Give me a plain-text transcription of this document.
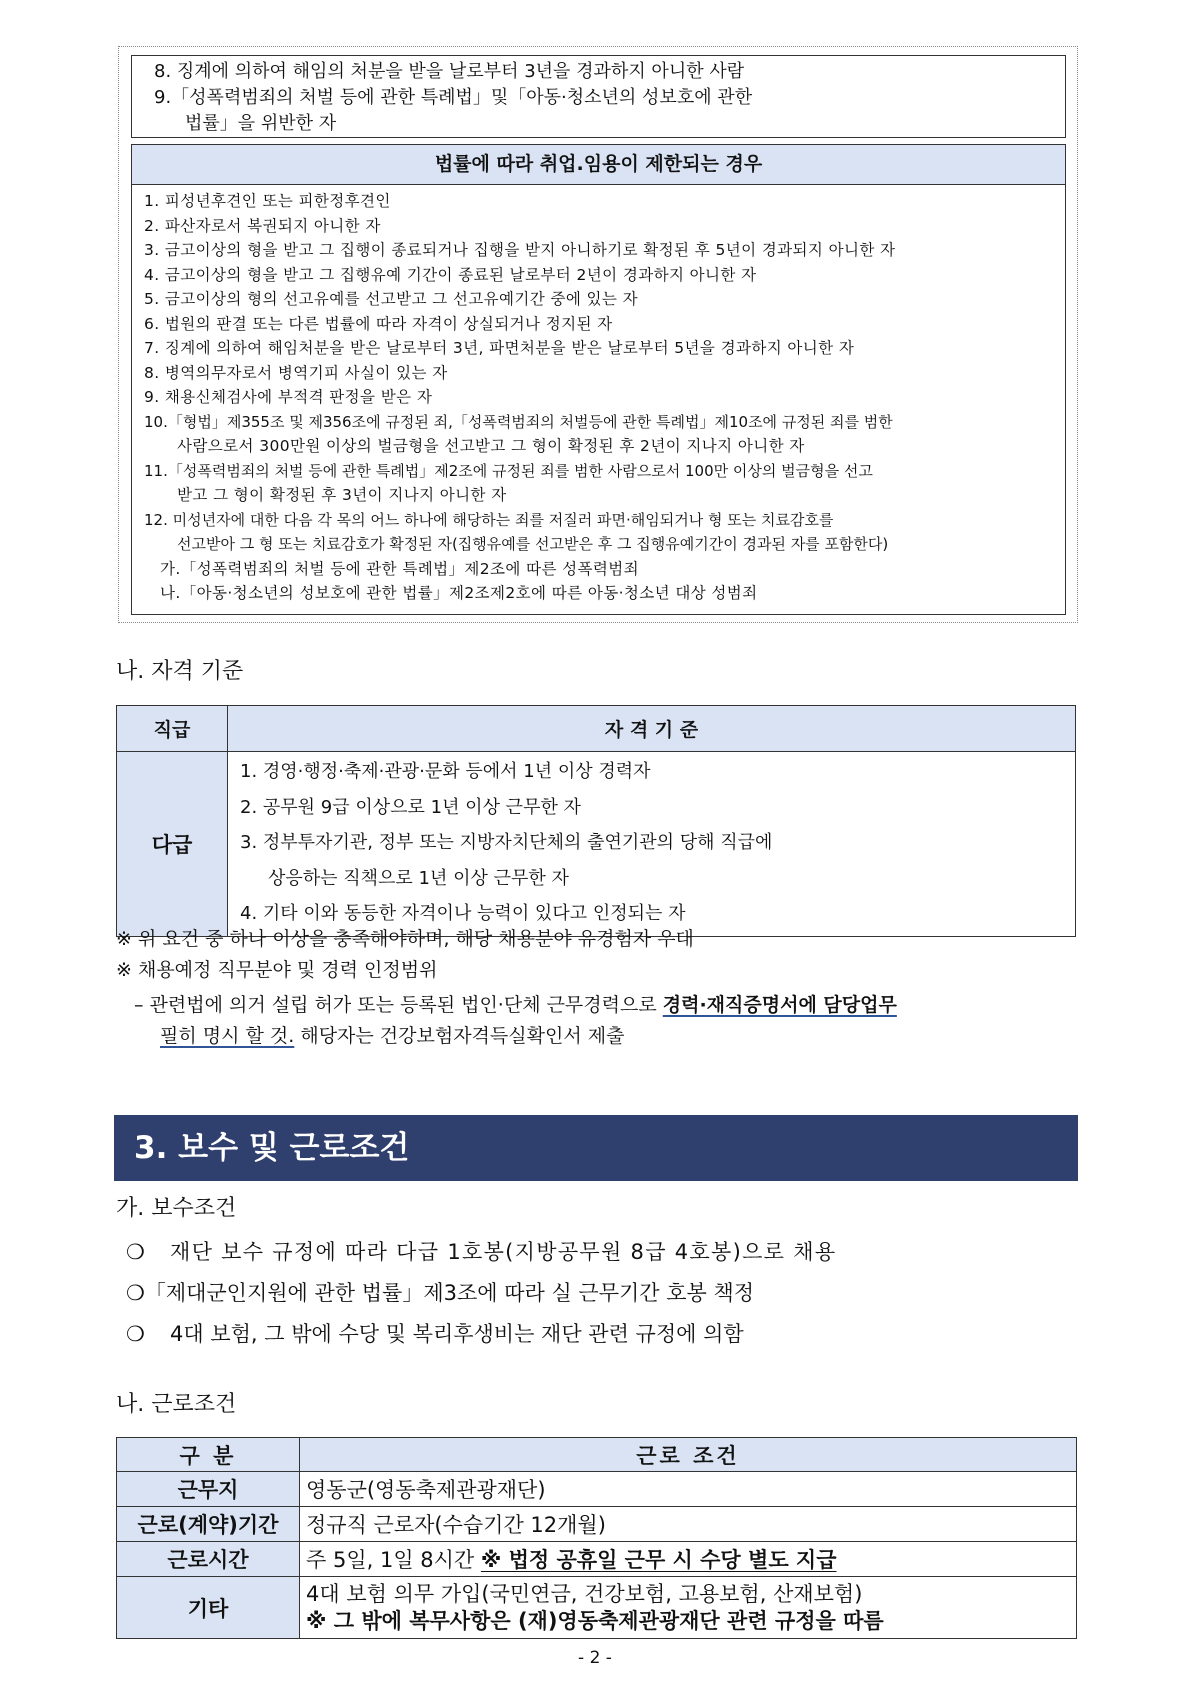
8. 징계에 의하여 해임의 처분을 받을 날로부터 3년을 경과하지 아니한 사람
9.「성폭력범죄의 처벌 등에 관한 특례법」및「아동·청소년의 성보호에 관한
법률」을 위반한 자
법률에 따라 취업.임용이 제한되는 경우
1. 피성년후견인 또는 피한정후견인
2. 파산자로서 복권되지 아니한 자
3. 금고이상의 형을 받고 그 집행이 종료되거나 집행을 받지 아니하기로 확정된 후 5년이 경과되지 아니한 자
4. 금고이상의 형을 받고 그 집행유예 기간이 종료된 날로부터 2년이 경과하지 아니한 자
5. 금고이상의 형의 선고유예를 선고받고 그 선고유예기간 중에 있는 자
6. 법원의 판결 또는 다른 법률에 따라 자격이 상실되거나 정지된 자
7. 징계에 의하여 해임처분을 받은 날로부터 3년, 파면처분을 받은 날로부터 5년을 경과하지 아니한 자
8. 병역의무자로서 병역기피 사실이 있는 자
9. 채용신체검사에 부적격 판정을 받은 자
10.「형법」제355조 및 제356조에 규정된 죄,「성폭력범죄의 처벌등에 관한 특례법」제10조에 규정된 죄를 범한
사람으로서 300만원 이상의 벌금형을 선고받고 그 형이 확정된 후 2년이 지나지 아니한 자
11.「성폭력범죄의 처벌 등에 관한 특례법」제2조에 규정된 죄를 범한 사람으로서 100만 이상의 벌금형을 선고
받고 그 형이 확정된 후 3년이 지나지 아니한 자
12. 미성년자에 대한 다음 각 목의 어느 하나에 해당하는 죄를 저질러 파면·해임되거나 형 또는 치료감호를
선고받아 그 형 또는 치료감호가 확정된 자(집행유예를 선고받은 후 그 집행유예기간이 경과된 자를 포함한다)
가.「성폭력범죄의 처벌 등에 관한 특례법」제2조에 따른 성폭력범죄
나.「아동·청소년의 성보호에 관한 법률」제2조제2호에 따른 아동·청소년 대상 성범죄
나. 자격 기준
직급	자 격 기 준
다급	1. 경영·행정·축제·관광·문화 등에서 1년 이상 경력자
2. 공무원 9급 이상으로 1년 이상 근무한 자
3. 정부투자기관, 정부 또는 지방자치단체의 출연기관의 당해 직급에
상응하는 직책으로 1년 이상 근무한 자
4. 기타 이와 동등한 자격이나 능력이 있다고 인정되는 자
※ 위 요건 중 하나 이상을 충족해야하며, 해당 채용분야 유경험자 우대
※ 채용예정 직무분야 및 경력 인정범위
– 관련법에 의거 설립 허가 또는 등록된 법인·단체 근무경력으로 경력·재직증명서에 담당업무
필히 명시 할 것. 해당자는 건강보험자격득실확인서 제출
3. 보수 및 근로조건
가. 보수조건
❍ 재단 보수 규정에 따라 다급 1호봉(지방공무원 8급 4호봉)으로 채용
❍「제대군인지원에 관한 법률」제3조에 따라 실 근무기간 호봉 책정
❍ 4대 보험, 그 밖에 수당 및 복리후생비는 재단 관련 규정에 의함
나. 근로조건
구 분	근로 조건
근무지	영동군(영동축제관광재단)
근로(계약)기간	정규직 근로자(수습기간 12개월)
근로시간	주 5일, 1일 8시간 ※ 법정 공휴일 근무 시 수당 별도 지급
기타	4대 보험 의무 가입(국민연금, 건강보험, 고용보험, 산재보험)
※ 그 밖에 복무사항은 (재)영동축제관광재단 관련 규정을 따름
- 2 -
